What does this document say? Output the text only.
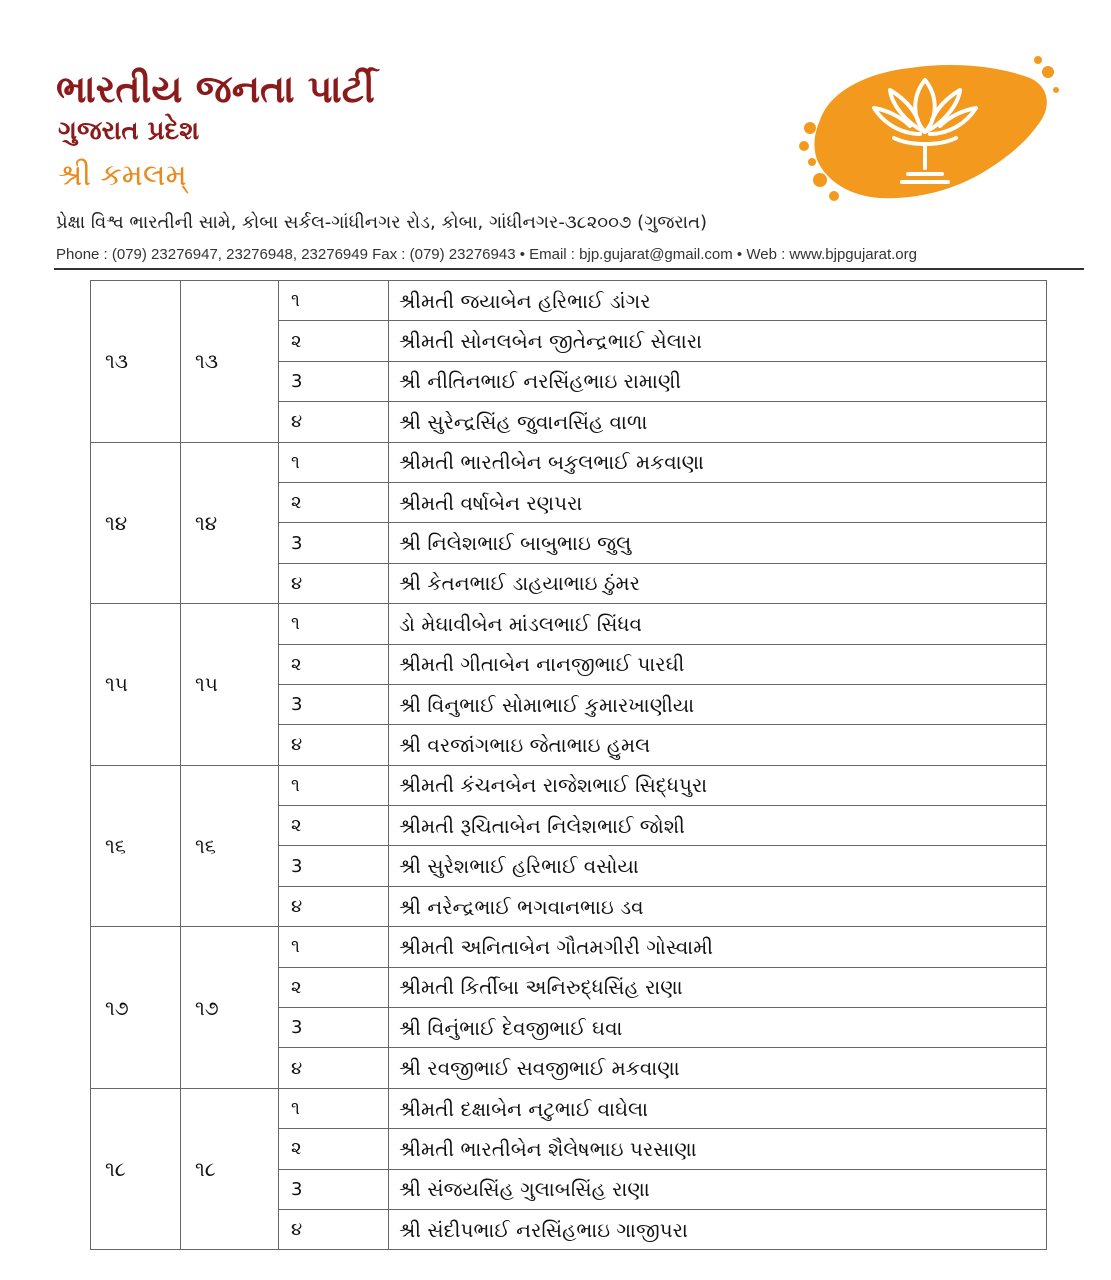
ભારતીય જનતા પાર્ટી
ગુજરાત પ્રદેશ
શ્રી કમલમ્
પ્રેક્ષા વિશ્વ ભારતીની સામે, કોબા સર્કલ-ગાંધીનગર રોડ, કોબા, ગાંધીનગર-૩૮૨૦૦૭ (ગુજરાત)
Phone : (079) 23276947, 23276948, 23276949 Fax : (079) 23276943 • Email : bjp.gujarat@gmail.com • Web : www.bjpgujarat.org
૧૩	૧૩	૧	શ્રીમતી જયાબેન હરિભાઈ ડાંગર
		૨	શ્રીમતી સોનલબેન જીતેન્દ્રભાઈ સેલારા
		3	શ્રી નીતિનભાઈ નરસિંહભાઇ રામાણી
		૪	શ્રી સુરેન્દ્રસિંહ જુવાનસિંહ વાળા
૧૪	૧૪	૧	શ્રીમતી ભારતીબેન બકુલભાઈ મકવાણા
		૨	શ્રીમતી વર્ષાબેન રણપરા
		3	શ્રી નિલેશભાઈ બાબુભાઇ જુલુ
		૪	શ્રી કેતનભાઈ ડાહયાભાઇ ઠુંમર
૧૫	૧૫	૧	ડો મેઘાવીબેન માંડલભાઈ સિંધવ
		૨	શ્રીમતી ગીતાબેન નાનજીભાઈ પારઘી
		3	શ્રી વિનુભાઈ સોમાભાઈ કુમારખાણીયા
		૪	શ્રી વરજાંગભાઇ જેતાભાઇ હુમલ
૧૬	૧૬	૧	શ્રીમતી કંચનબેન રાજેશભાઈ સિદ્ધપુરા
		૨	શ્રીમતી રૂચિતાબેન નિલેશભાઈ જોશી
		3	શ્રી સુરેશભાઈ હરિભાઈ વસોયા
		૪	શ્રી નરેન્દ્રભાઈ ભગવાનભાઇ ડવ
૧૭	૧૭	૧	શ્રીમતી અનિતાબેન ગૌતમગીરી ગોસ્વામી
		૨	શ્રીમતી કિર્તીબા અનિરુદ્ધસિંહ રાણા
		3	શ્રી વિનુંભાઈ દેવજીભાઈ ઘવા
		૪	શ્રી રવજીભાઈ સવજીભાઈ મકવાણા
૧૮	૧૮	૧	શ્રીમતી દક્ષાબેન નટુભાઈ વાઘેલા
		૨	શ્રીમતી ભારતીબેન શૈલેષભાઇ પરસાણા
		3	શ્રી સંજયસિંહ ગુલાબસિંહ રાણા
		૪	શ્રી સંદીપભાઈ નરસિંહભાઇ ગાજીપરા
